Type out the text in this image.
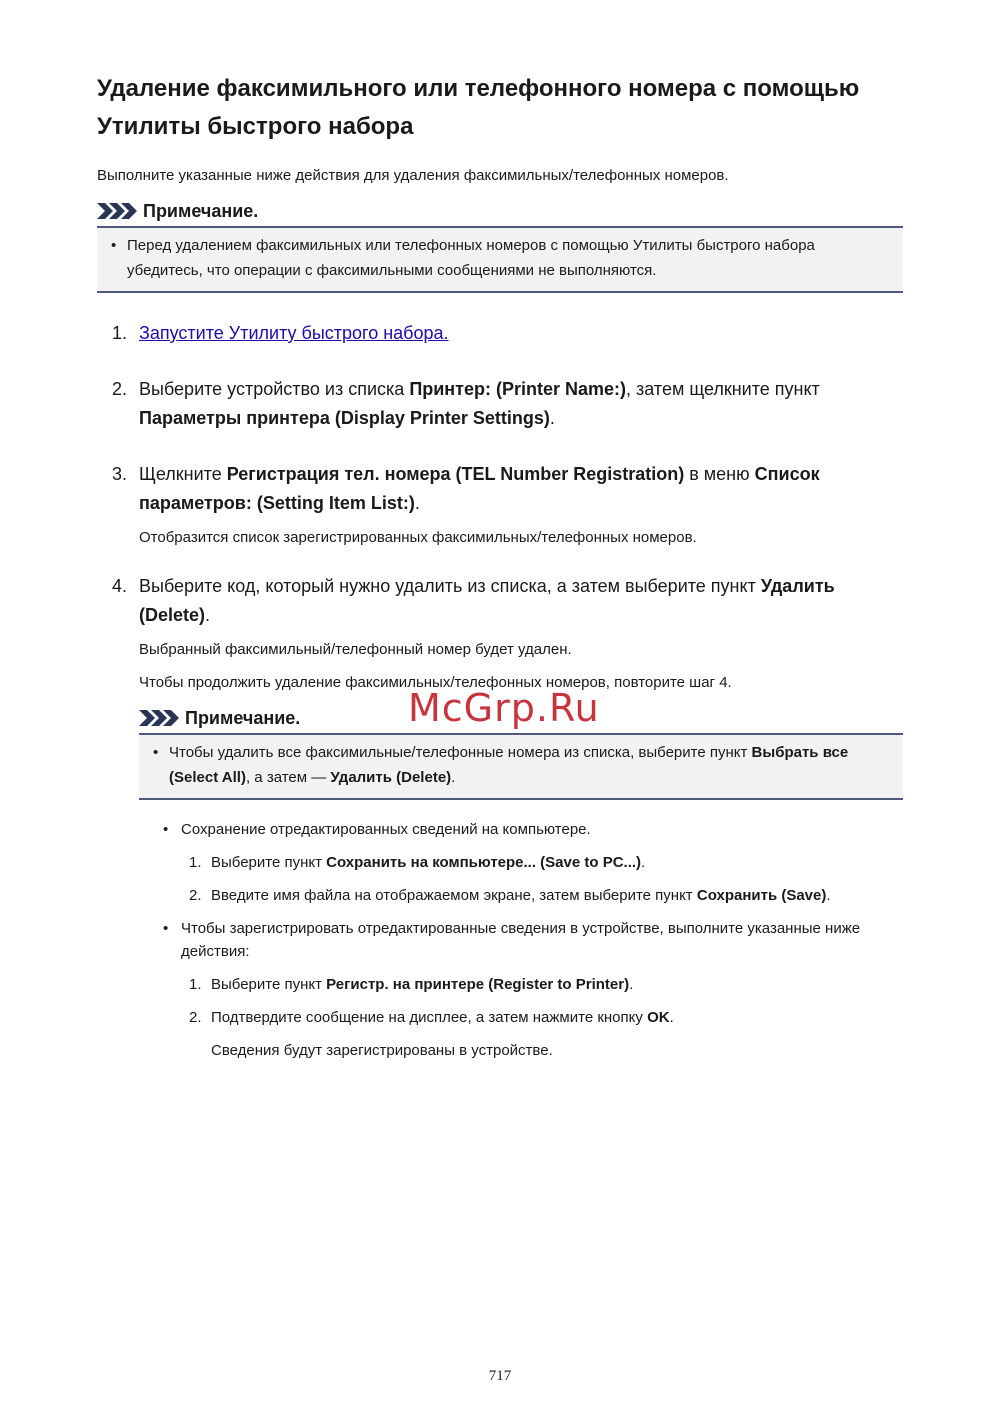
Удаление факсимильного или телефонного номера с помощью Утилиты быстрого набора

Выполните указанные ниже действия для удаления факсимильных/телефонных номеров.

Примечание.
• Перед удалением факсимильных или телефонных номеров с помощью Утилиты быстрого набора убедитесь, что операции с факсимильными сообщениями не выполняются.
1. Запустите Утилиту быстрого набора.
2. Выберите устройство из списка Принтер: (Printer Name:), затем щелкните пункт Параметры принтера (Display Printer Settings).
3. Щелкните Регистрация тел. номера (TEL Number Registration) в меню Список параметров: (Setting Item List:).

Отобразится список зарегистрированных факсимильных/телефонных номеров.

4. Выберите код, который нужно удалить из списка, а затем выберите пункт Удалить (Delete).

Выбранный факсимильный/телефонный номер будет удален.

Чтобы продолжить удаление факсимильных/телефонных номеров, повторите шаг 4.

Примечание.
• Чтобы удалить все факсимильные/телефонные номера из списка, выберите пункт Выбрать все (Select All), а затем — Удалить (Delete).
• Сохранение отредактированных сведений на компьютере.
1. Выберите пункт Сохранить на компьютере... (Save to PC...).
2. Введите имя файла на отображаемом экране, затем выберите пункт Сохранить (Save).
• Чтобы зарегистрировать отредактированные сведения в устройстве, выполните указанные ниже действия:
1. Выберите пункт Регистр. на принтере (Register to Printer).
2. Подтвердите сообщение на дисплее, а затем нажмите кнопку OK.
Сведения будут зарегистрированы в устройстве.
McGrp.Ru
717
